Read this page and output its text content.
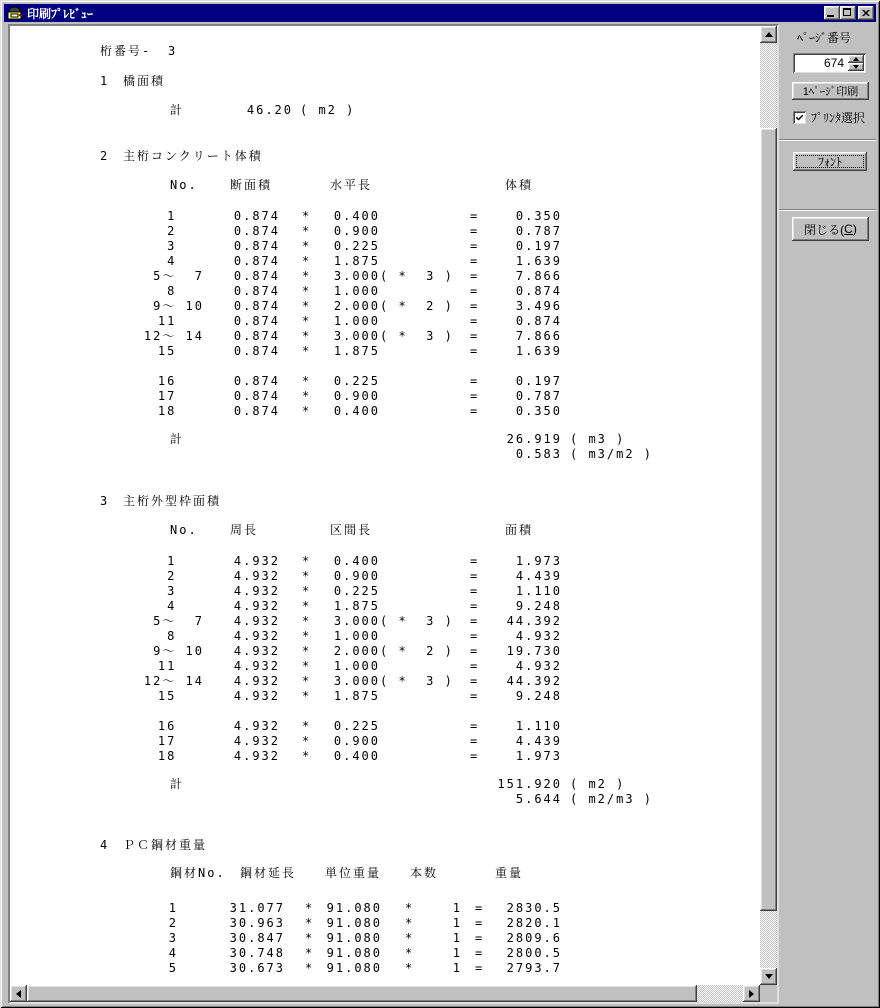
印刷ﾌﾟﾚﾋﾞｭｰ
桁番号- 3
1 橋面積
計	46.20 ( m2 )
2 主桁コンクリート体積
No.	断面積	水平長	体積
1	0.874 *	0.400	=	0.350
2	0.874 *	0.900	=	0.787
3	0.874 *	0.225	=	0.197
4	0.874 *	1.875	=	1.639
5～  7	0.874 *	3.000 ( *  3 ) =	7.866
8	0.874 *	1.000	=	0.874
9～ 10	0.874 *	2.000 ( *  2 ) =	3.496
11	0.874 *	1.000	=	0.874
12～ 14	0.874 *	3.000 ( *  3 ) =	7.866
15	0.874 *	1.875	=	1.639
16	0.874 *	0.225	=	0.197
17	0.874 *	0.900	=	0.787
18	0.874 *	0.400	=	0.350
計	26.919 ( m3 )
0.583 ( m3/m2 )
3 主桁外型枠面積
No.	周長	区間長	面積
1	4.932 *	0.400	=	1.973
2	4.932 *	0.900	=	4.439
3	4.932 *	0.225	=	1.110
4	4.932 *	1.875	=	9.248
5～  7	4.932 *	3.000 ( *  3 ) =	44.392
8	4.932 *	1.000	=	4.932
9～ 10	4.932 *	2.000 ( *  2 ) =	19.730
11	4.932 *	1.000	=	4.932
12～ 14	4.932 *	3.000 ( *  3 ) =	44.392
15	4.932 *	1.875	=	9.248
16	4.932 *	0.225	=	1.110
17	4.932 *	0.900	=	4.439
18	4.932 *	0.400	=	1.973
計	151.920 ( m2 )
5.644 ( m2/m3 )
4 ＰＣ鋼材重量
鋼材No. 鋼材延長 単位重量 本数	重量
1	31.077 *	91.080 *	1 =	2830.5
2	30.963 *	91.080 *	1 =	2820.1
3	30.847 *	91.080 *	1 =	2809.6
4	30.748 *	91.080 *	1 =	2800.5
5	30.673 *	91.080 *	1 =	2793.7
ﾍﾟｰｼﾞ番号
674
1ﾍﾟｰｼﾞ印刷
ﾌﾟﾘﾝﾀ選択
ﾌｫﾝﾄ
閉じる( C )
